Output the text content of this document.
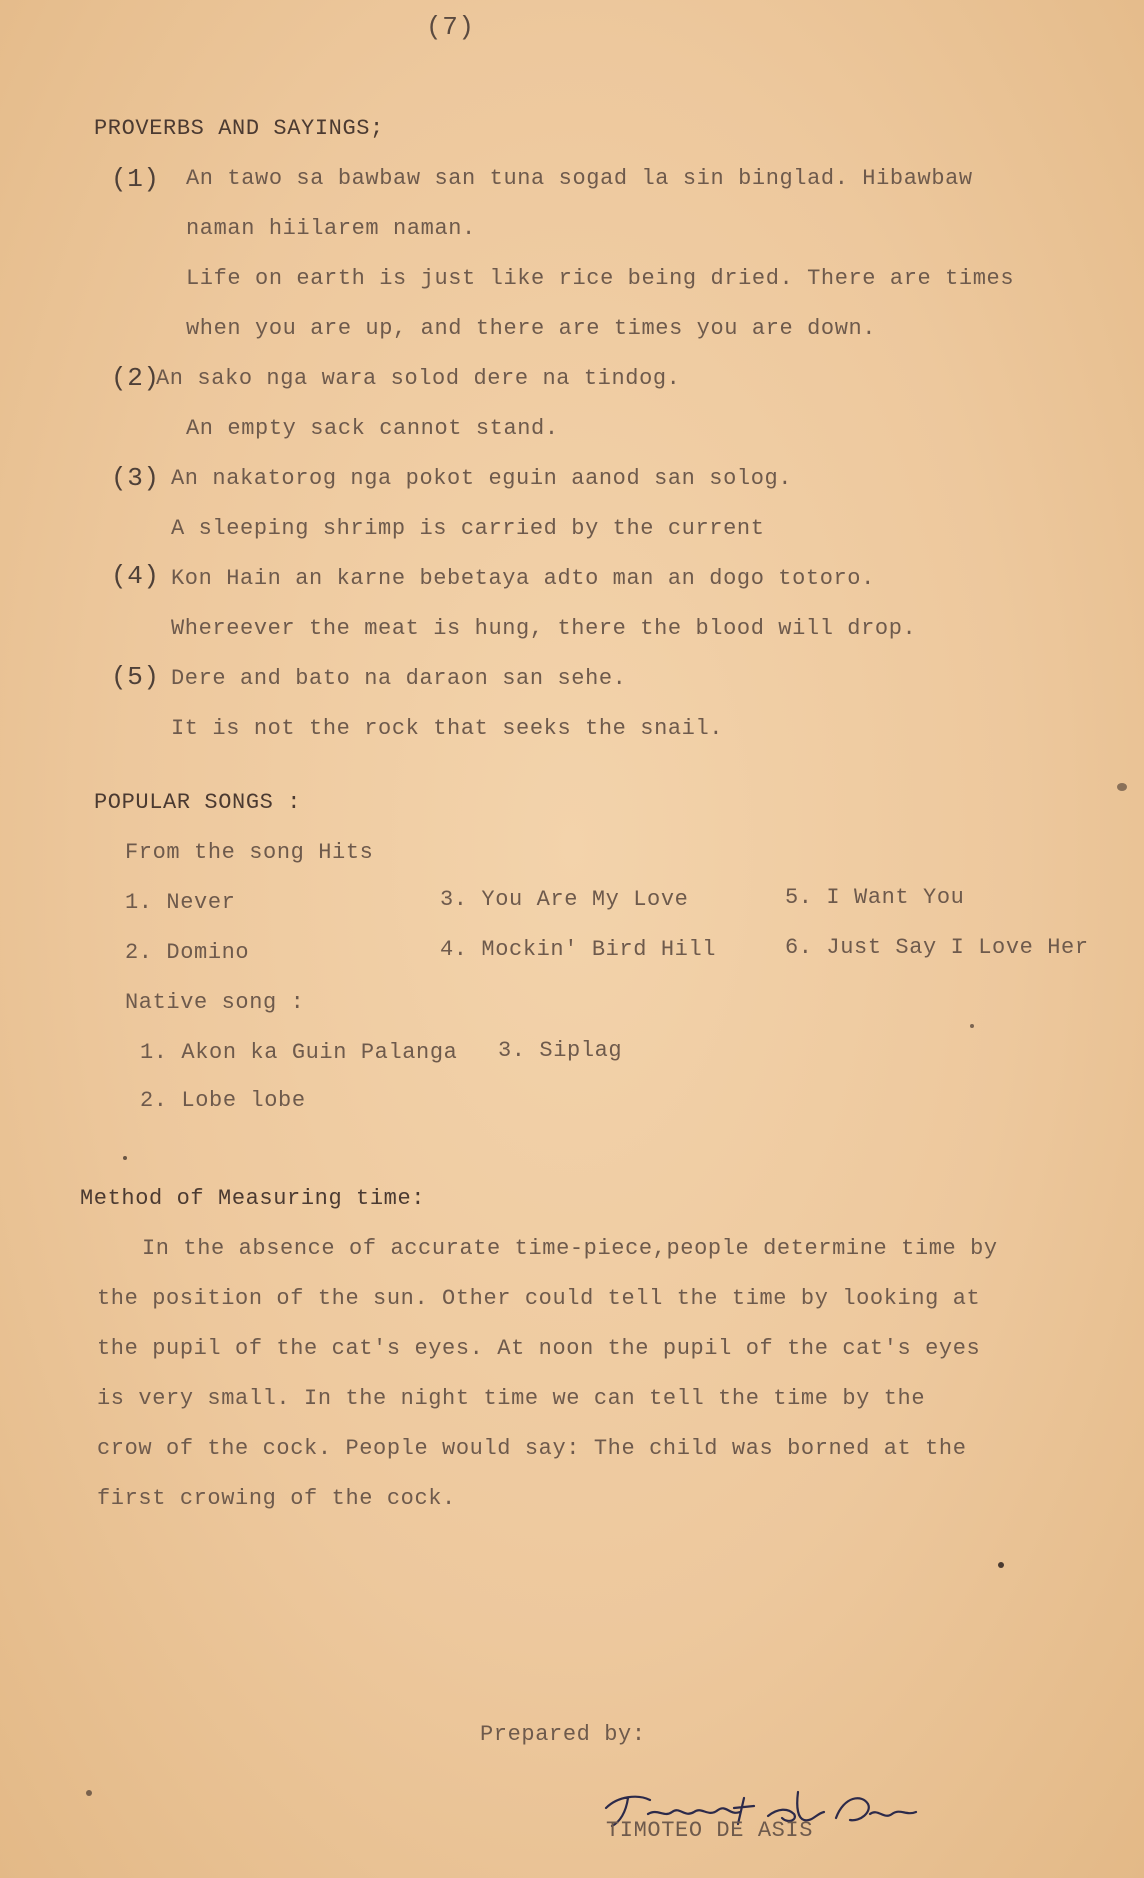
(7)
PROVERBS AND SAYINGS;
(1) An tawo sa bawbaw san tuna sogad la sin binglad. Hibawbaw
naman hiilarem naman.
Life on earth is just like rice being dried. There are times
when you are up, and there are times you are down.
(2)
An sako nga wara solod dere na tindog.
An empty sack cannot stand.
(3) An nakatorog nga pokot eguin aanod san solog.
A sleeping shrimp is carried by the current
(4) Kon Hain an karne bebetaya adto man an dogo totoro.
Whereever the meat is hung, there the blood will drop.
(5) Dere and bato na daraon san sehe.
It is not the rock that seeks the snail.
POPULAR SONGS :
From the song Hits
1. Never
2. Domino
3. You Are My Love
4. Mockin' Bird Hill
5. I Want You
6. Just Say I Love Her
Native song :
1. Akon ka Guin Palanga 3. Siplag
2. Lobe lobe
Method of Measuring time:
In the absence of accurate time-piece,people determine time by
the position of the sun. Other could tell the time by looking at
the pupil of the cat's eyes. At noon the pupil of the cat's eyes
is very small. In the night time we can tell the time by the
crow of the cock. People would say: The child was borned at the
first crowing of the cock.
Prepared by:
TIMOTEO DE ASIS
